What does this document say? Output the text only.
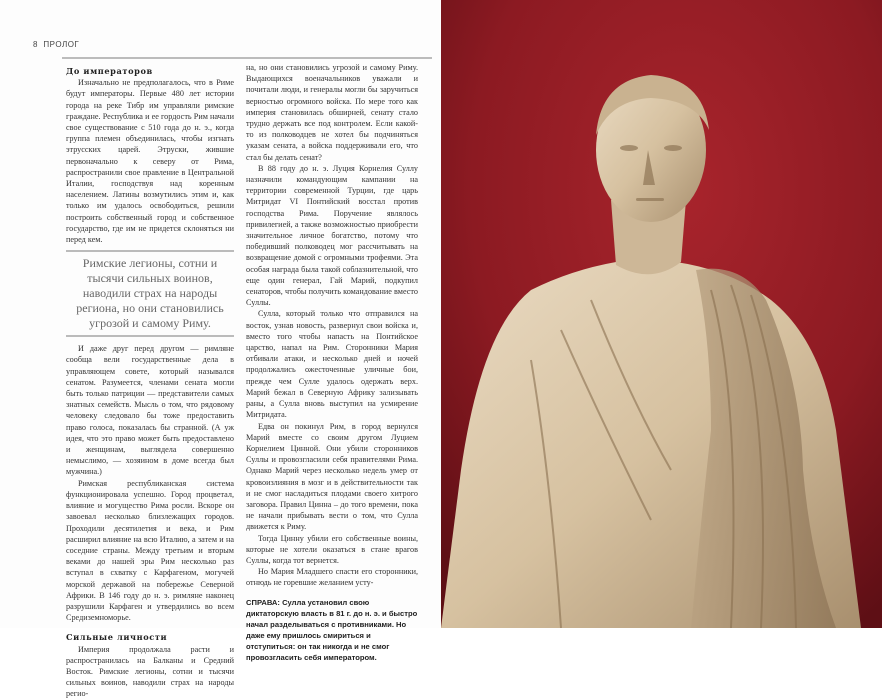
8 ПРОЛОГ
До императоров

Изначально не предполагалось, что в Риме будут императоры. Первые 480 лет истории города на реке Тибр им управляли римские граждане. Республика и ее гордость Рим начали свое существование с 510 года до н. э., когда группа племен объединилась, чтобы изгнать этрусских царей. Этруски, жившие первоначально к северу от Рима, распространили свое правление в Центральной Италии, господствуя над коренным населением. Латины возмутились этим и, как только им удалось освободиться, решили построить собственный город и собственное государство, где им не придется склоняться ни перед кем.

Римские легионы, сотни и тысячи сильных воинов, наводили страх на народы региона, но они становились угрозой и самому Риму.

И даже друг перед другом — римляне сообща вели государственные дела в управляющем совете, который назывался сенатом. Разумеется, членами сената могли быть только патриции — представители самых знатных семейств. Мысль о том, что рядовому человеку следовало бы тоже предоставить право голоса, показалась бы странной. (А уж идея, что это право может быть предоставлено и женщинам, выглядела совершенно немыслимо, — хозяином в доме всегда был мужчина.)

Римская республиканская система функционировала успешно. Город процветал, влияние и могущество Рима росли. Вскоре он завоевал несколько близлежащих городов. Проходили десятилетия и века, и Рим расширил влияние на всю Италию, а затем и на соседние страны. Между третьим и вторым веками до нашей эры Рим несколько раз вступал в схватку с Карфагеном, могучей морской державой на побережье Северной Африки. В 146 году до н. э. римляне наконец разрушили Карфаген и утвердились во всем Средиземноморье.

Сильные личности

Империя продолжала расти и распространилась на Балканы и Средний Восток. Римские легионы, сотни и тысячи сильных воинов, наводили страх на народы регио-

на, но они становились угрозой и самому Риму. Выдающихся военачальников уважали и почитали люди, и генералы могли бы заручиться верностью огромного войска. По мере того как империя становилась обширней, сенату стало трудно держать все под контролем. Если какой-то из полководцев не хотел бы подчиняться указам сената, а войска поддерживали его, что стал бы делать сенат?

В 88 году до н. э. Луция Корнелия Суллу назначили командующим кампании на территории современной Турции, где царь Митридат VI Понтийский восстал против господства Рима. Поручение являлось привилегией, а также возможностью приобрести значительное личное богатство, потому что победивший полководец мог рассчитывать на возвращение домой с огромными трофеями. Эта особая награда была такой соблазнительной, что еще один генерал, Гай Марий, подкупил сенаторов, чтобы получить командование вместо Суллы.

Сулла, который только что отправился на восток, узнав новость, развернул свои войска и, вместо того чтобы напасть на Понтийское царство, напал на Рим. Сторонники Мария отбивали атаки, и несколько дней и ночей продолжались ожесточенные уличные бои, прежде чем Сулле удалось одержать верх. Марий бежал в Северную Африку зализывать раны, а Сулла вновь выступил на усмирение Митридата.

Едва он покинул Рим, в город вернулся Марий вместе со своим другом Луцием Корнелием Цинной. Они убили сторонников Суллы и провозгласили себя правителями Рима. Однако Марий через несколько недель умер от кровоизлияния в мозг и в действительности так и не смог насладиться плодами своего хитрого заговора. Правил Цинна – до того времени, пока не начали прибывать вести о том, что Сулла движется к Риму.

Тогда Цинну убили его собственные воины, которые не хотели оказаться в стане врагов Суллы, когда тот вернется.

Но Мария Младшего спасти его сторонники, отнюдь не горевшие желанием усту-

СПРАВА: Сулла установил свою диктаторскую власть в 81 г. до н. э. и быстро начал разделываться с противниками. Но даже ему пришлось смириться и отступиться: он так никогда и не смог провозгласить себя императором.
